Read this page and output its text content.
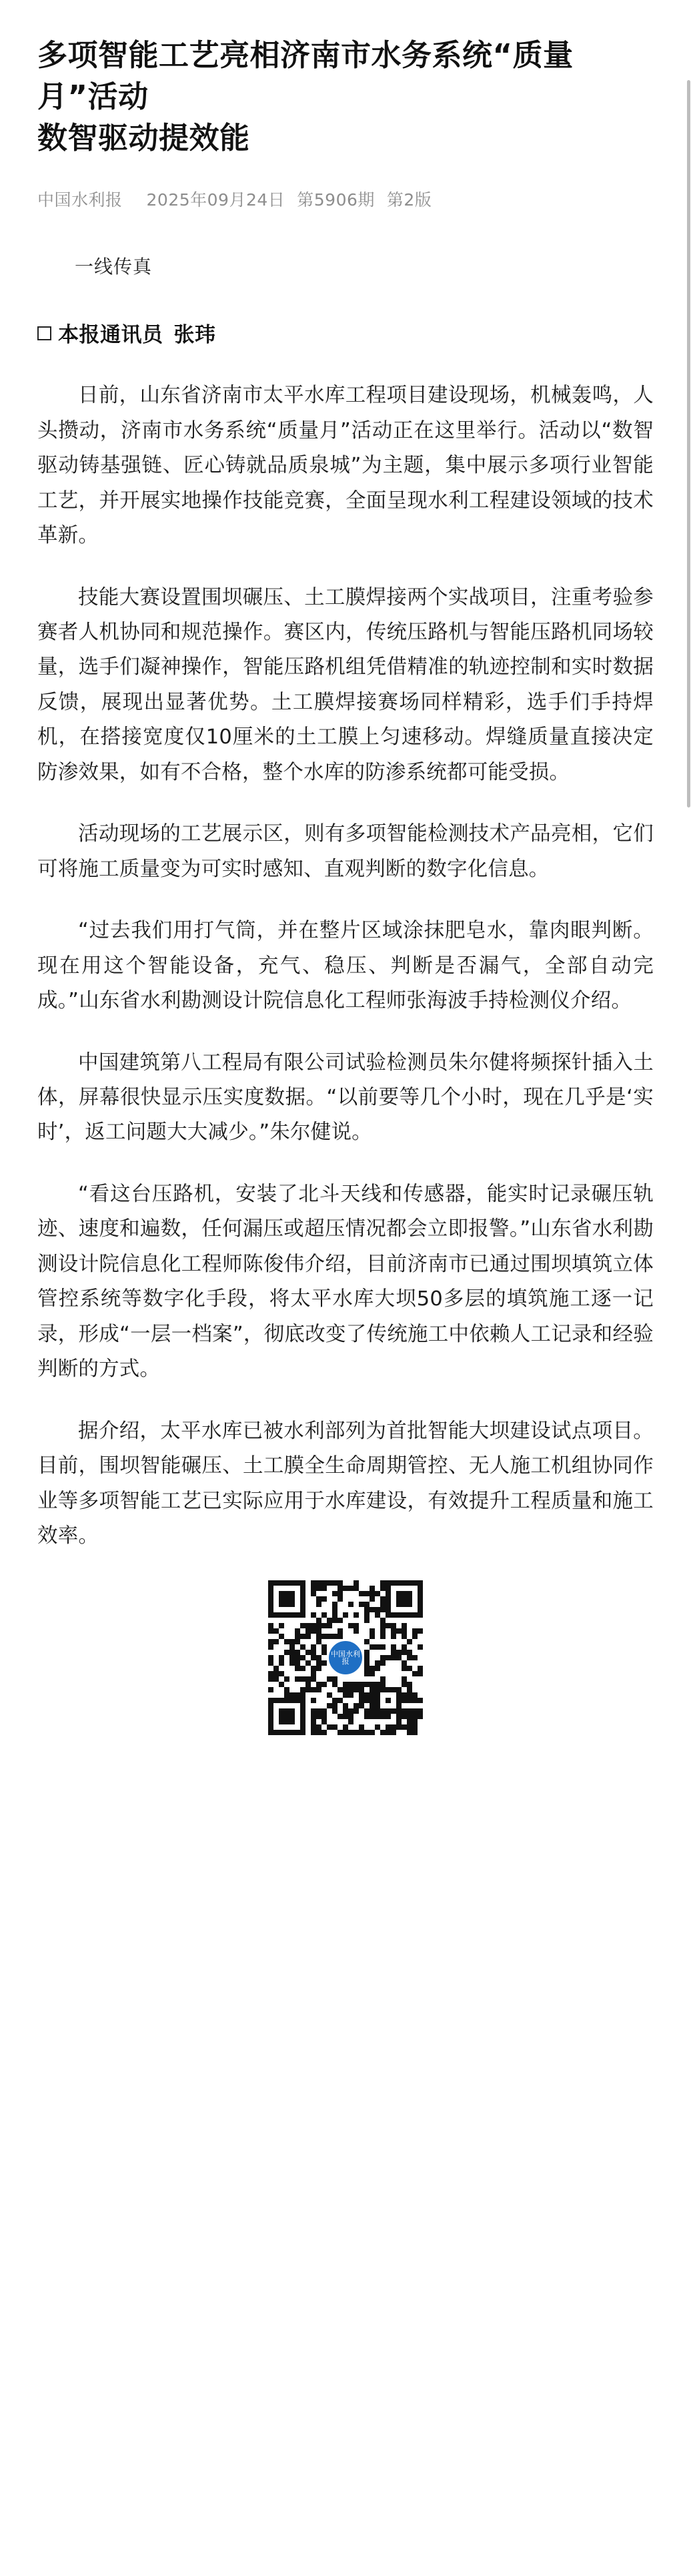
多项智能工艺亮相济南市水务系统“质量月”活动
数智驱动提效能
中国水利报 2025年09月24日 第5906期 第2版
一线传真
本报通讯员 张玮

日前，山东省济南市太平水库工程项目建设现场，机械轰鸣，人头攒动，济南市水务系统“质量月”活动正在这里举行。活动以“数智驱动铸基强链、匠心铸就品质泉城”为主题，集中展示多项行业智能工艺，并开展实地操作技能竞赛，全面呈现水利工程建设领域的技术革新。

技能大赛设置围坝碾压、土工膜焊接两个实战项目，注重考验参赛者人机协同和规范操作。赛区内，传统压路机与智能压路机同场较量，选手们凝神操作，智能压路机组凭借精准的轨迹控制和实时数据反馈，展现出显著优势。土工膜焊接赛场同样精彩，选手们手持焊机，在搭接宽度仅10厘米的土工膜上匀速移动。焊缝质量直接决定防渗效果，如有不合格，整个水库的防渗系统都可能受损。

活动现场的工艺展示区，则有多项智能检测技术产品亮相，它们可将施工质量变为可实时感知、直观判断的数字化信息。

“过去我们用打气筒，并在整片区域涂抹肥皂水，靠肉眼判断。现在用这个智能设备，充气、稳压、判断是否漏气，全部自动完成。”山东省水利勘测设计院信息化工程师张海波手持检测仪介绍。

中国建筑第八工程局有限公司试验检测员朱尔健将频探针插入土体，屏幕很快显示压实度数据。“以前要等几个小时，现在几乎是‘实时’，返工问题大大减少。”朱尔健说。

“看这台压路机，安装了北斗天线和传感器，能实时记录碾压轨迹、速度和遍数，任何漏压或超压情况都会立即报警。”山东省水利勘测设计院信息化工程师陈俊伟介绍，目前济南市已通过围坝填筑立体管控系统等数字化手段，将太平水库大坝50多层的填筑施工逐一记录，形成“一层一档案”，彻底改变了传统施工中依赖人工记录和经验判断的方式。

据介绍，太平水库已被水利部列为首批智能大坝建设试点项目。目前，围坝智能碾压、土工膜全生命周期管控、无人施工机组协同作业等多项智能工艺已实际应用于水库建设，有效提升工程质量和施工效率。

中国水利报
